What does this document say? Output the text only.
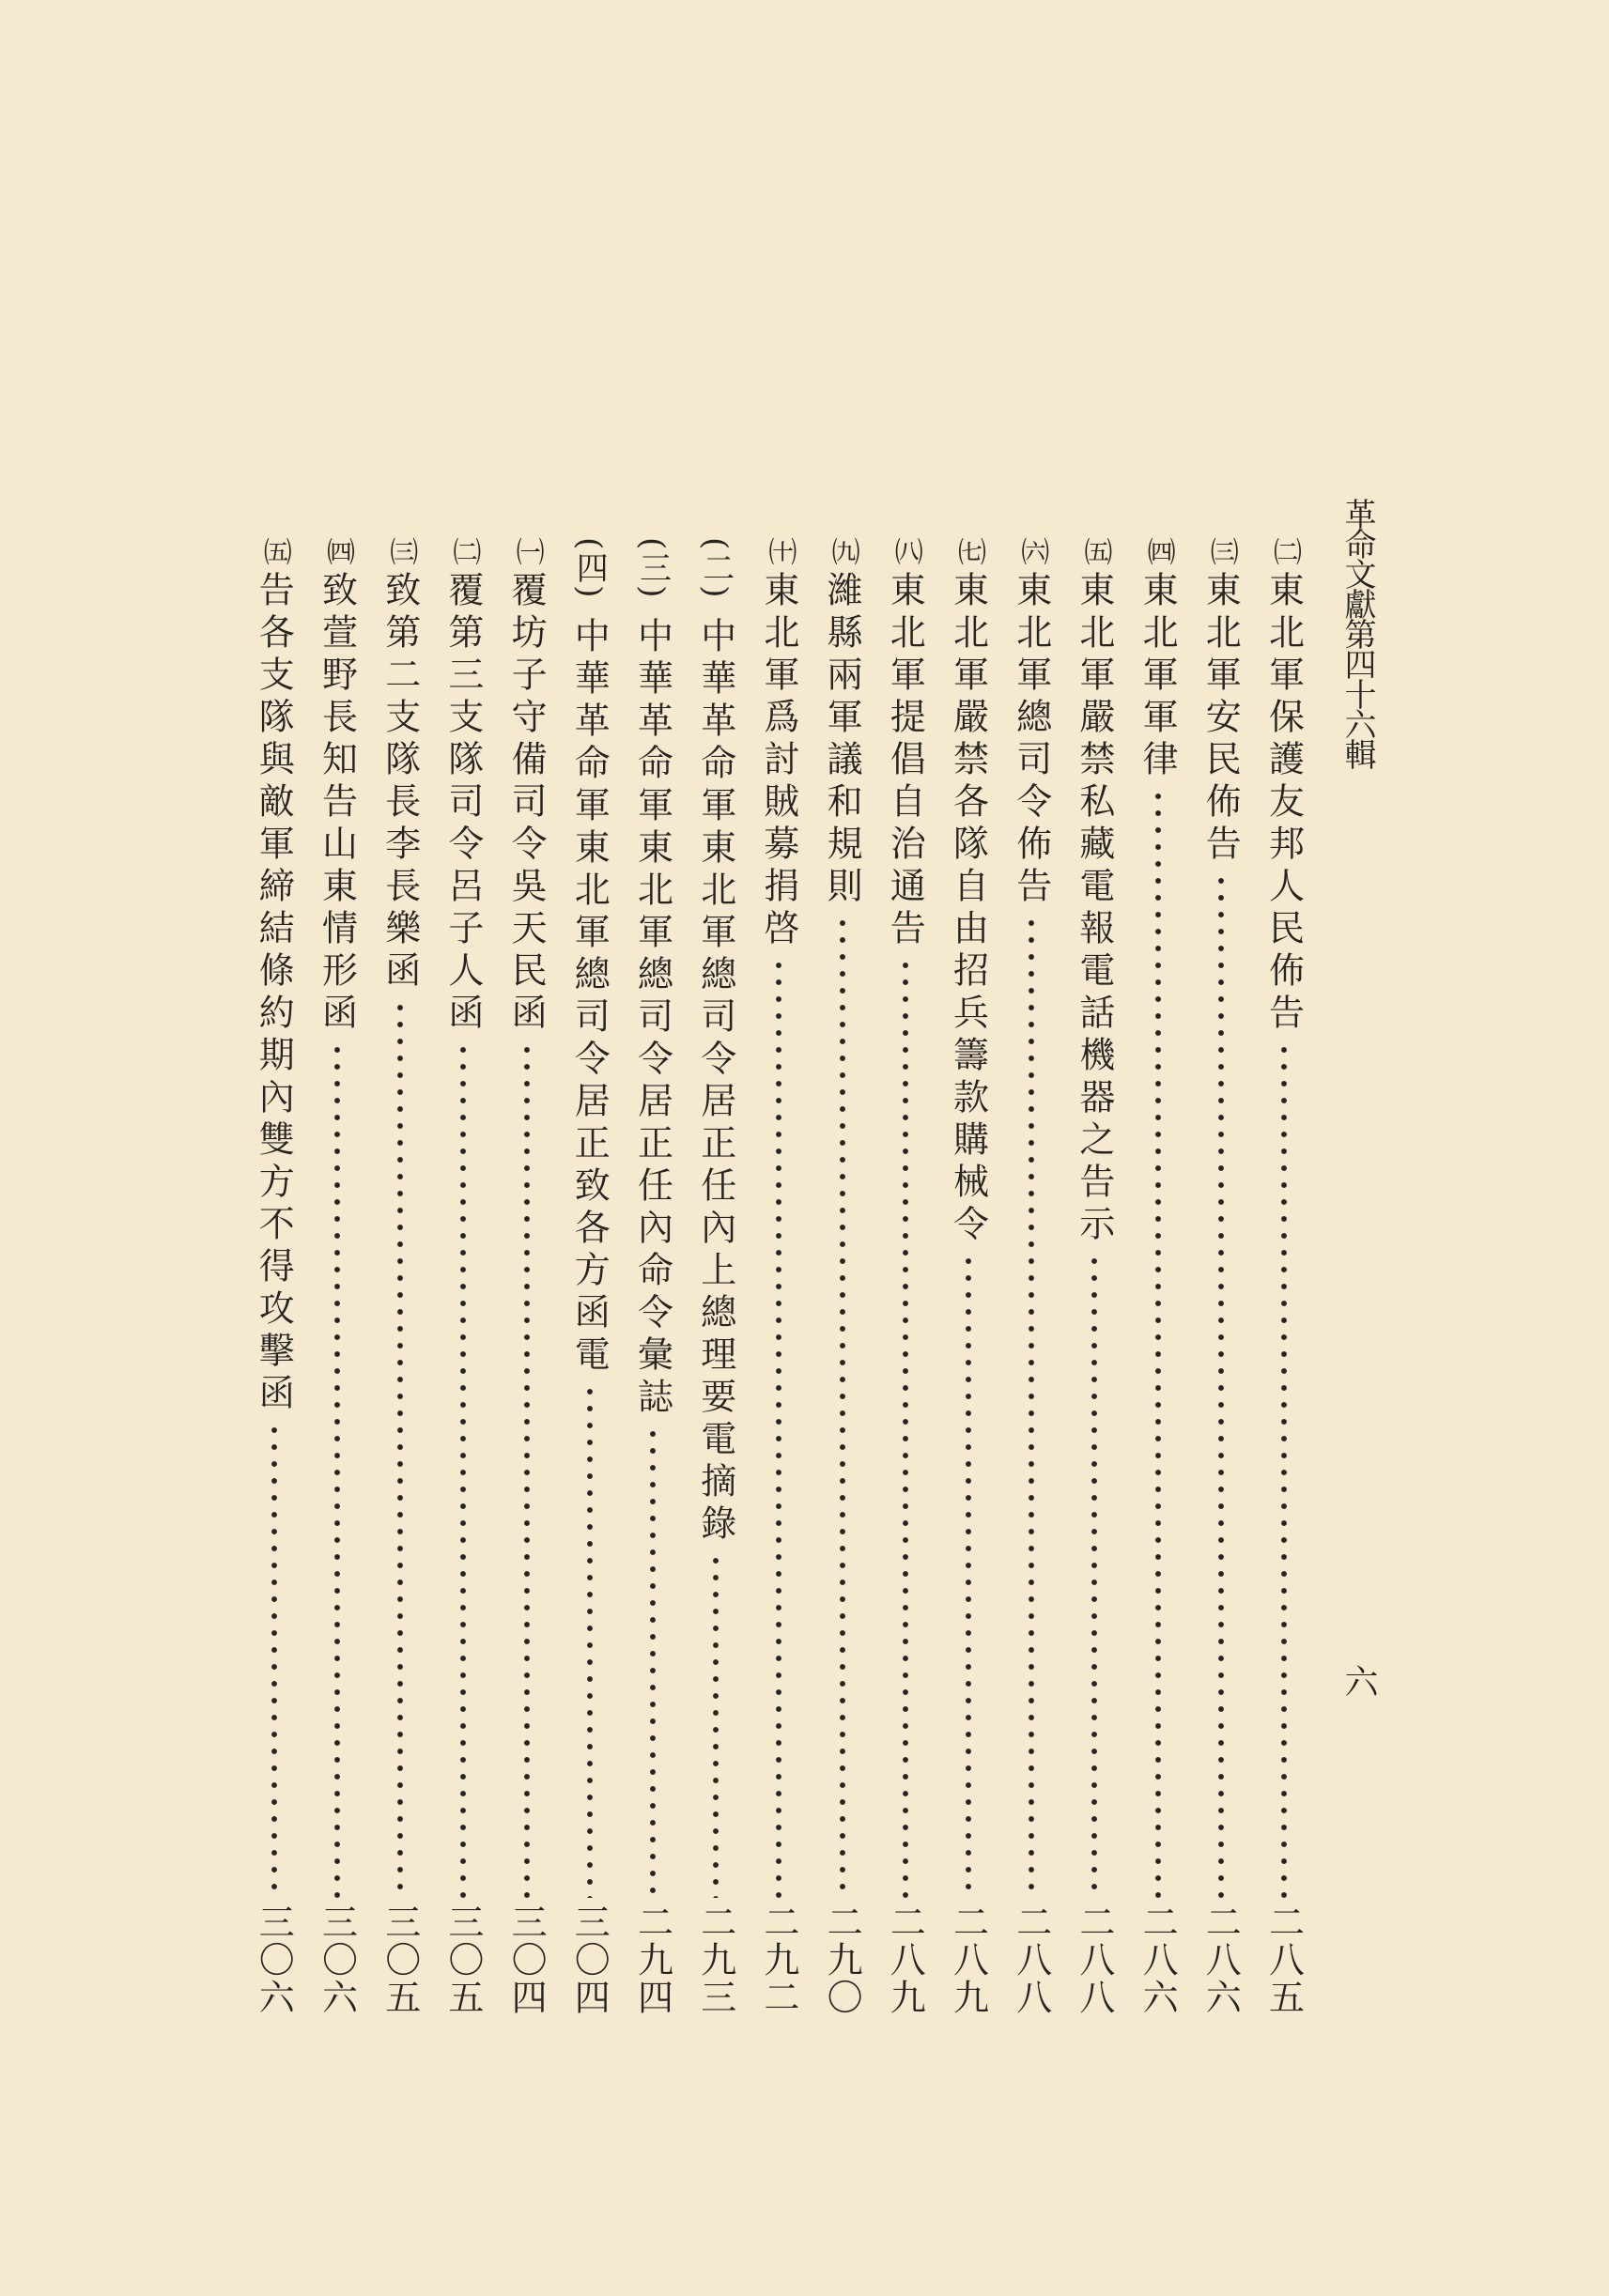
革命文獻第四十六輯
六
㈡
東北軍保護友邦人民佈告
二八五
㈢
東北軍安民佈告
二八六
㈣
東北軍軍律
二八六
㈤
東北軍嚴禁私藏電報電話機器之告示
二八八
㈥
東北軍總司令佈告
二八八
㈦
東北軍嚴禁各隊自由招兵籌款購械令
二八九
㈧
東北軍提倡自治通告
二八九
㈨
濰縣兩軍議和規則
二九〇
㈩
東北軍爲討賊募捐啓
二九二
(二)
中華革命軍東北軍總司令居正任內上總理要電摘錄
二九三
(三)
中華革命軍東北軍總司令居正任內命令彙誌
二九四
(四)
中華革命軍東北軍總司令居正致各方函電
三〇四
㈠
覆坊子守備司令吳天民函
三〇四
㈡
覆第三支隊司令呂子人函
三〇五
㈢
致第二支隊長李長樂函
三〇五
㈣
致萱野長知告山東情形函
三〇六
㈤
告各支隊與敵軍締結條約期內雙方不得攻擊函
三〇六
